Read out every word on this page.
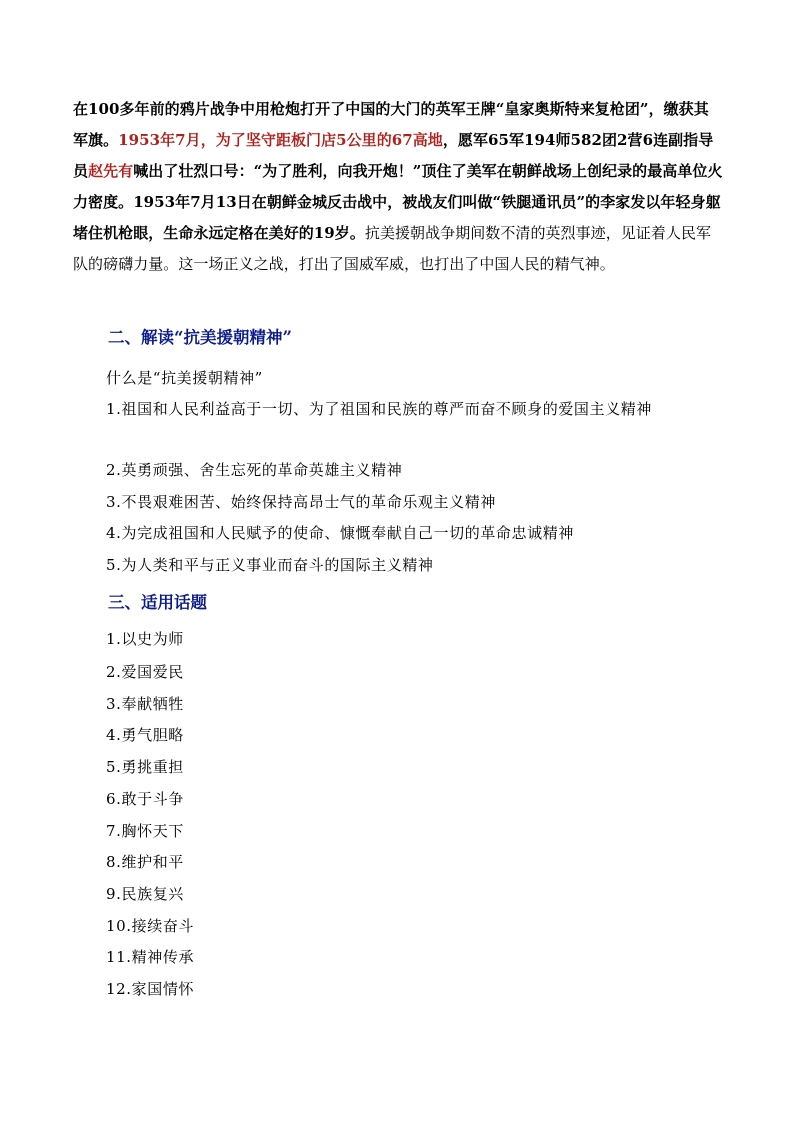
在100多年前的鸦片战争中用枪炮打开了中国的大门的英军王牌“皇家奥斯特来复枪团”，缴获其军旗。1953年7月，为了坚守距板门店5公里的67高地，愿军65军194师582团2营6连副指导员赵先有喊出了壮烈口号：“为了胜利，向我开炮！”顶住了美军在朝鲜战场上创纪录的最高单位火力密度。1953年7月13日在朝鲜金城反击战中，被战友们叫做“铁腿通讯员”的李家发以年轻身躯堵住机枪眼，生命永远定格在美好的19岁。抗美援朝战争期间数不清的英烈事迹，见证着人民军队的磅礴力量。这一场正义之战，打出了国威军威，也打出了中国人民的精气神。

二、解读“抗美援朝精神”

什么是“抗美援朝精神”

1.祖国和人民利益高于一切、为了祖国和民族的尊严而奋不顾身的爱国主义精神

2.英勇顽强、舍生忘死的革命英雄主义精神

3.不畏艰难困苦、始终保持高昂士气的革命乐观主义精神

4.为完成祖国和人民赋予的使命、慷慨奉献自己一切的革命忠诚精神

5.为人类和平与正义事业而奋斗的国际主义精神

三、适用话题

1.以史为师

2.爱国爱民

3.奉献牺牲

4.勇气胆略

5.勇挑重担

6.敢于斗争

7.胸怀天下

8.维护和平

9.民族复兴

10.接续奋斗

11.精神传承

12.家国情怀
